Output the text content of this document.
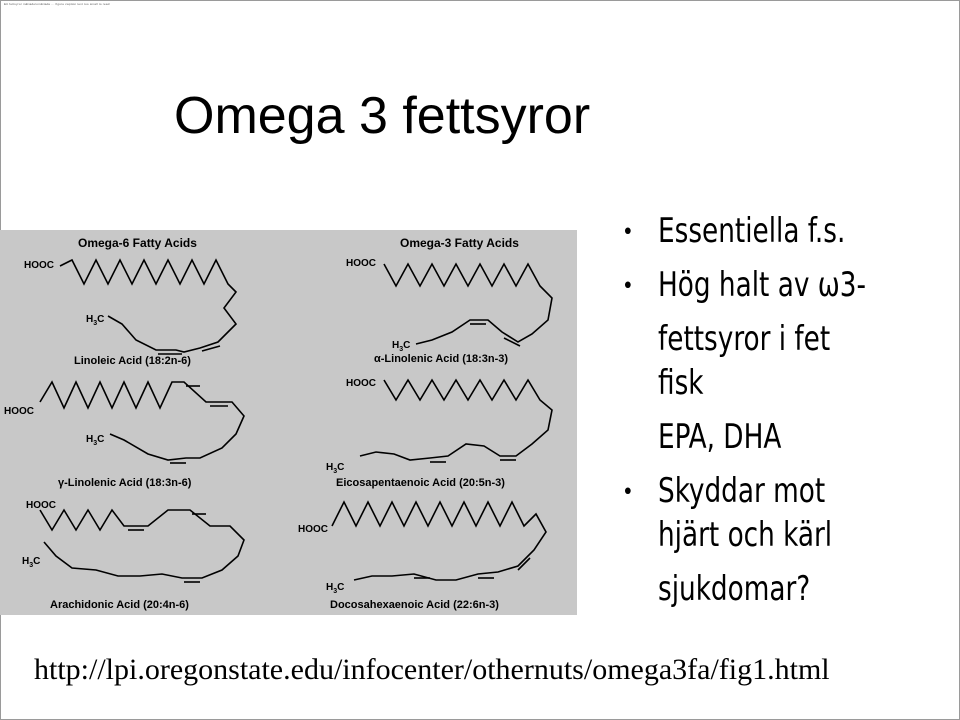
Ett fettsyror mättade/omättade ... figure caption text too small to read
Omega 3 fettsyror
Omega-6 Fatty Acids	Omega-3 Fatty Acids
HOOC
$H_3C$
HOOC
$H_3C$
HOOC
$H_3C$
HOOC
$H_3C$
HOOC
$H_3C$
HOOC
$H_3C$
Linoleic Acid (18:2n-6)
γ-Linolenic Acid (18:3n-6)
Arachidonic Acid (20:4n-6)
α-Linolenic Acid (18:3n-3)
Eicosapentaenoic Acid (20:5n-3)
Docosahexaenoic Acid (22:6n-3)
• Essentiella f.s.
• Hög halt av ω3-
fettsyror i fet
fisk
EPA, DHA
• Skyddar mot
hjärt och kärl
sjukdomar?
http://lpi.oregonstate.edu/infocenter/othernuts/omega3fa/fig1.html
